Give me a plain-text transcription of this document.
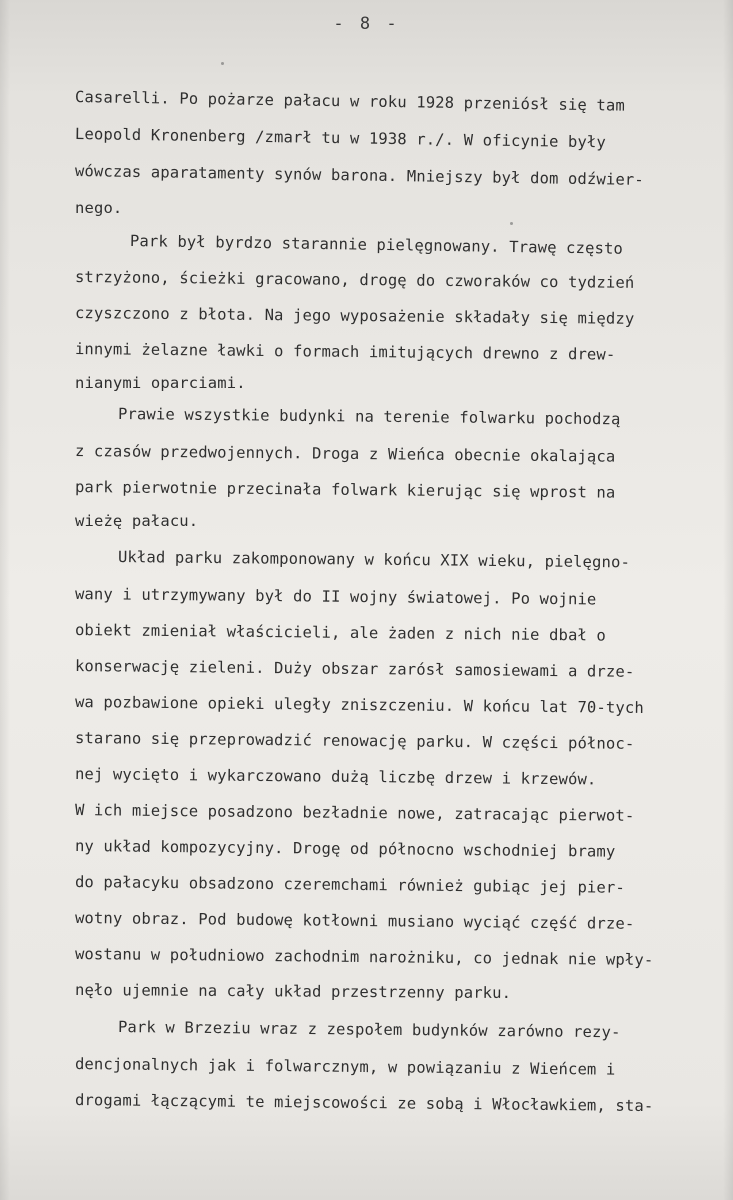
- 8 -
Casarelli. Po pożarze pałacu w roku 1928 przeniósł się tam
Leopold Kronenberg /zmarł tu w 1938 r./. W oficynie były
wówczas aparatamenty synów barona. Mniejszy był dom odźwier-
nego.
Park był byrdzo starannie pielęgnowany. Trawę często
strzyżono, ścieżki gracowano, drogę do czworaków co tydzień
czyszczono z błota. Na jego wyposażenie składały się między
innymi żelazne ławki o formach imitujących drewno z drew-
nianymi oparciami.
Prawie wszystkie budynki na terenie folwarku pochodzą
z czasów przedwojennych. Droga z Wieńca obecnie okalająca
park pierwotnie przecinała folwark kierując się wprost na
wieżę pałacu.
Układ parku zakomponowany w końcu XIX wieku, pielęgno-
wany i utrzymywany był do II wojny światowej. Po wojnie
obiekt zmieniał właścicieli, ale żaden z nich nie dbał o
konserwację zieleni. Duży obszar zarósł samosiewami a drze-
wa pozbawione opieki uległy zniszczeniu. W końcu lat 70-tych
starano się przeprowadzić renowację parku. W części północ-
nej wycięto i wykarczowano dużą liczbę drzew i krzewów.
W ich miejsce posadzono bezładnie nowe, zatracając pierwot-
ny układ kompozycyjny. Drogę od północno wschodniej bramy
do pałacyku obsadzono czeremchami również gubiąc jej pier-
wotny obraz. Pod budowę kotłowni musiano wyciąć część drze-
wostanu w południowo zachodnim narożniku, co jednak nie wpły-
nęło ujemnie na cały układ przestrzenny parku.
Park w Brzeziu wraz z zespołem budynków zarówno rezy-
dencjonalnych jak i folwarcznym, w powiązaniu z Wieńcem i
drogami łączącymi te miejscowości ze sobą i Włocławkiem, sta-
